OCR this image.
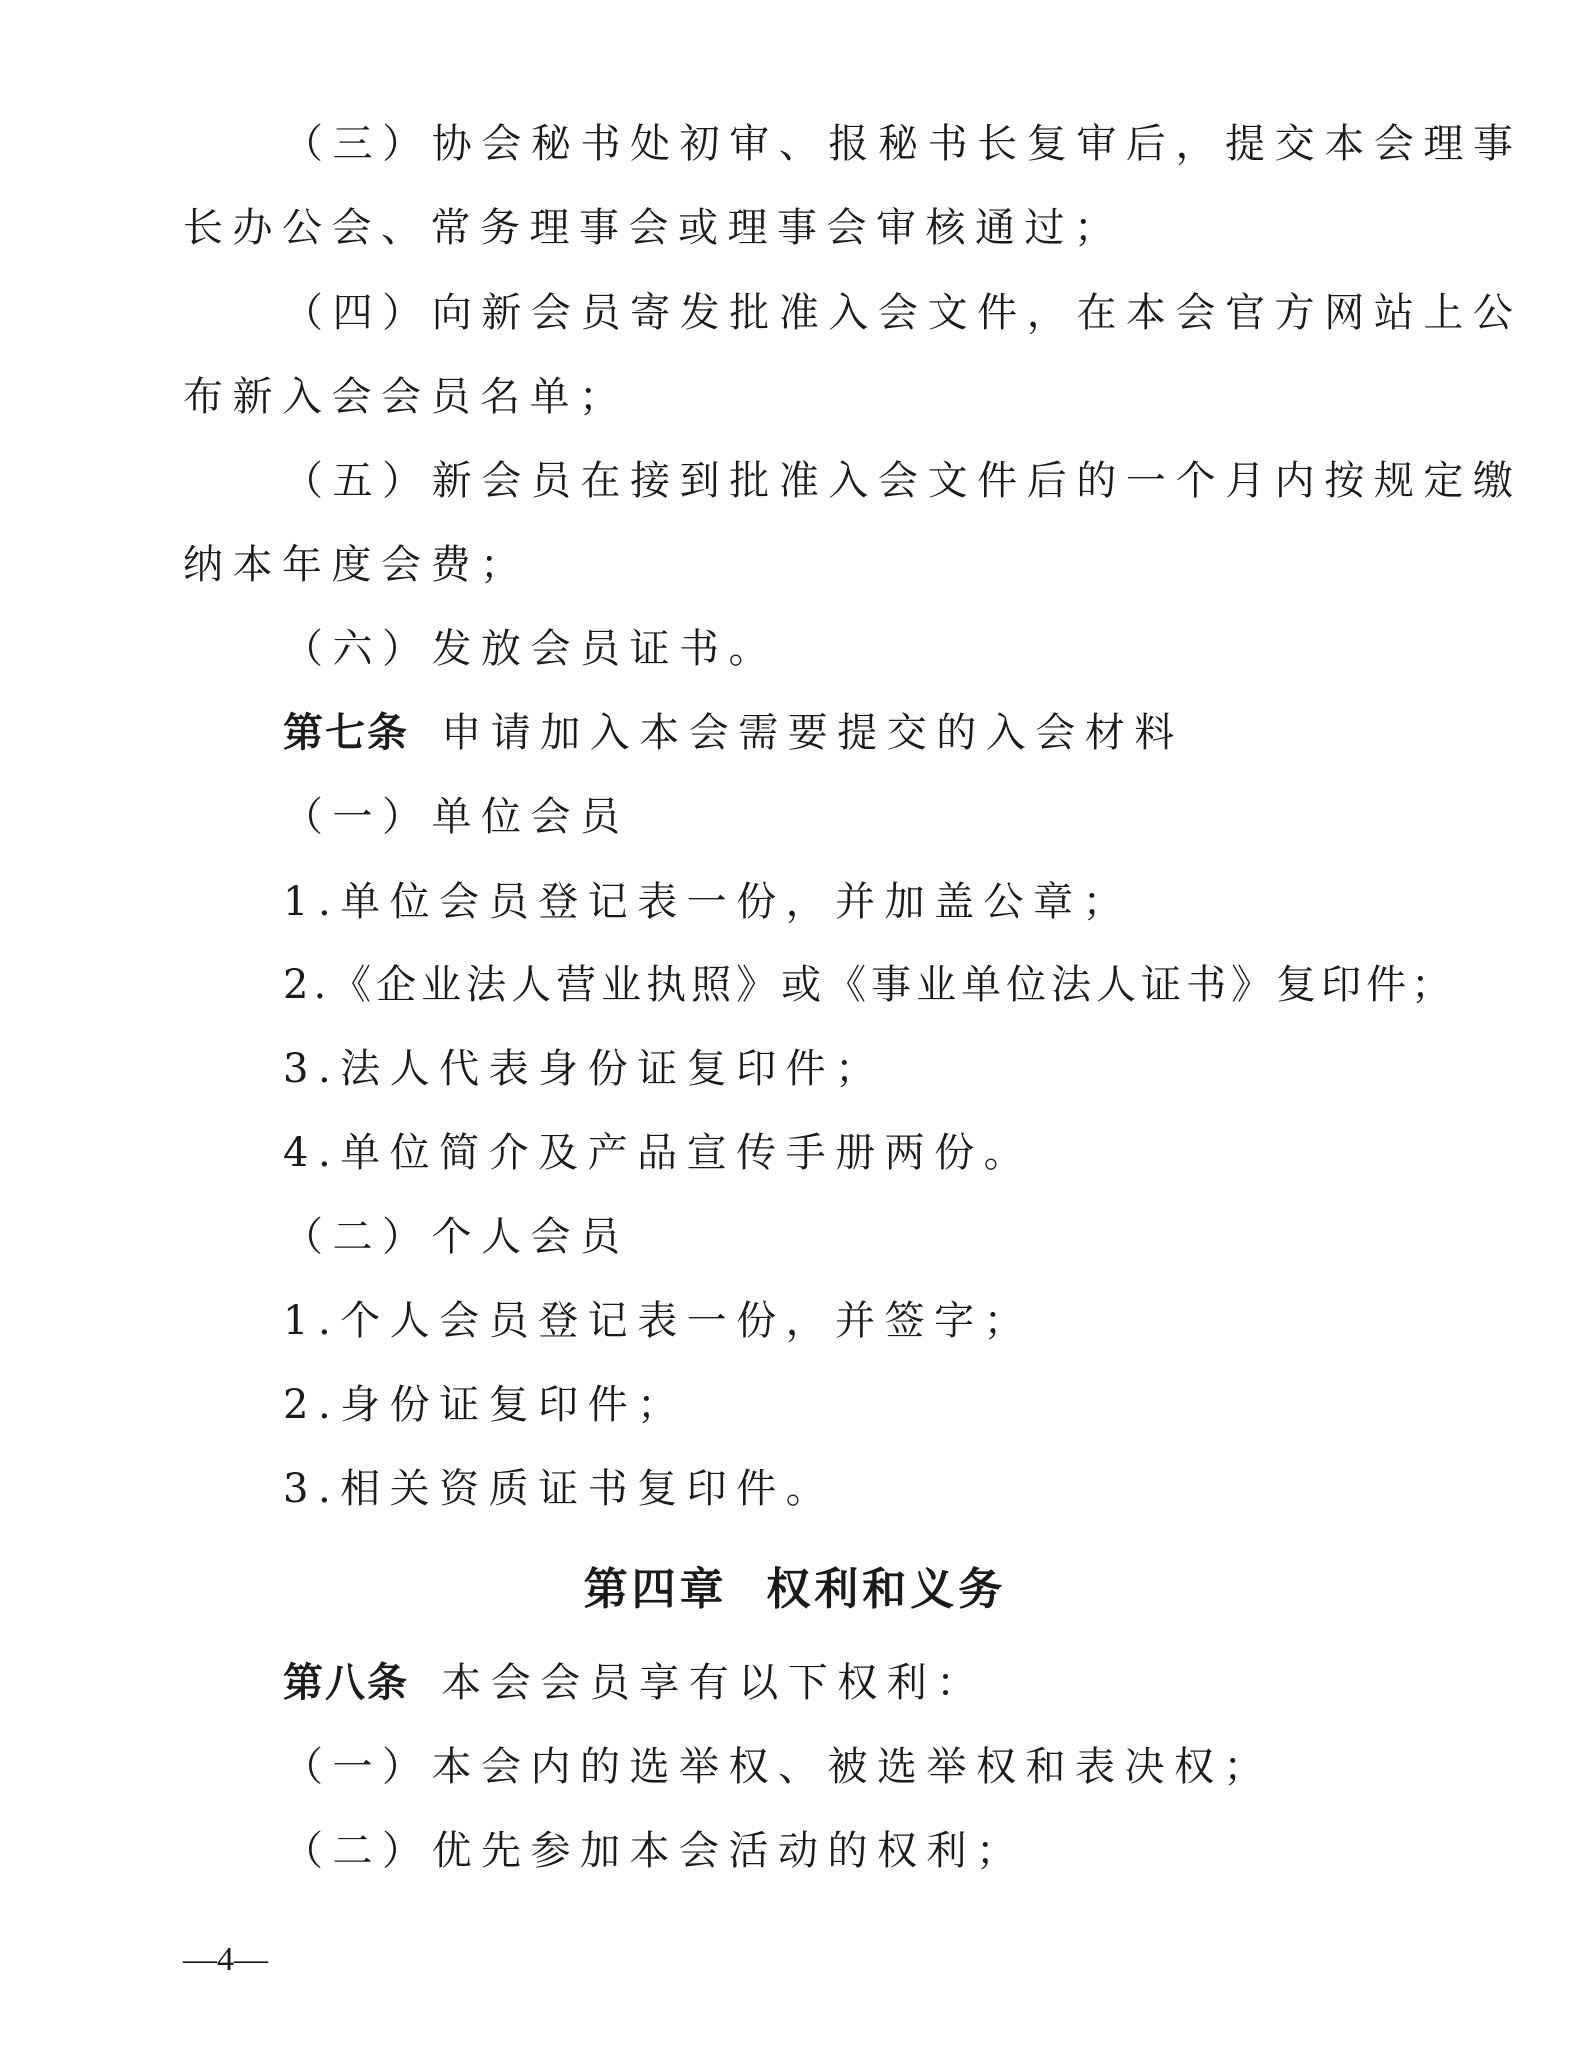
（三）协会秘书处初审、报秘书长复审后，提交本会理事
长办公会、常务理事会或理事会审核通过；
（四）向新会员寄发批准入会文件，在本会官方网站上公
布新入会会员名单；
（五）新会员在接到批准入会文件后的一个月内按规定缴
纳本年度会费；
（六）发放会员证书。
第七条 申请加入本会需要提交的入会材料
（一）单位会员
1.单位会员登记表一份，并加盖公章；
2.《企业法人营业执照》或《事业单位法人证书》复印件；
3.法人代表身份证复印件；
4.单位简介及产品宣传手册两份。
（二）个人会员
1.个人会员登记表一份，并签字；
2.身份证复印件；
3.相关资质证书复印件。
第四章  权利和义务
第八条 本会会员享有以下权利：
（一）本会内的选举权、被选举权和表决权；
（二）优先参加本会活动的权利；
—4—
